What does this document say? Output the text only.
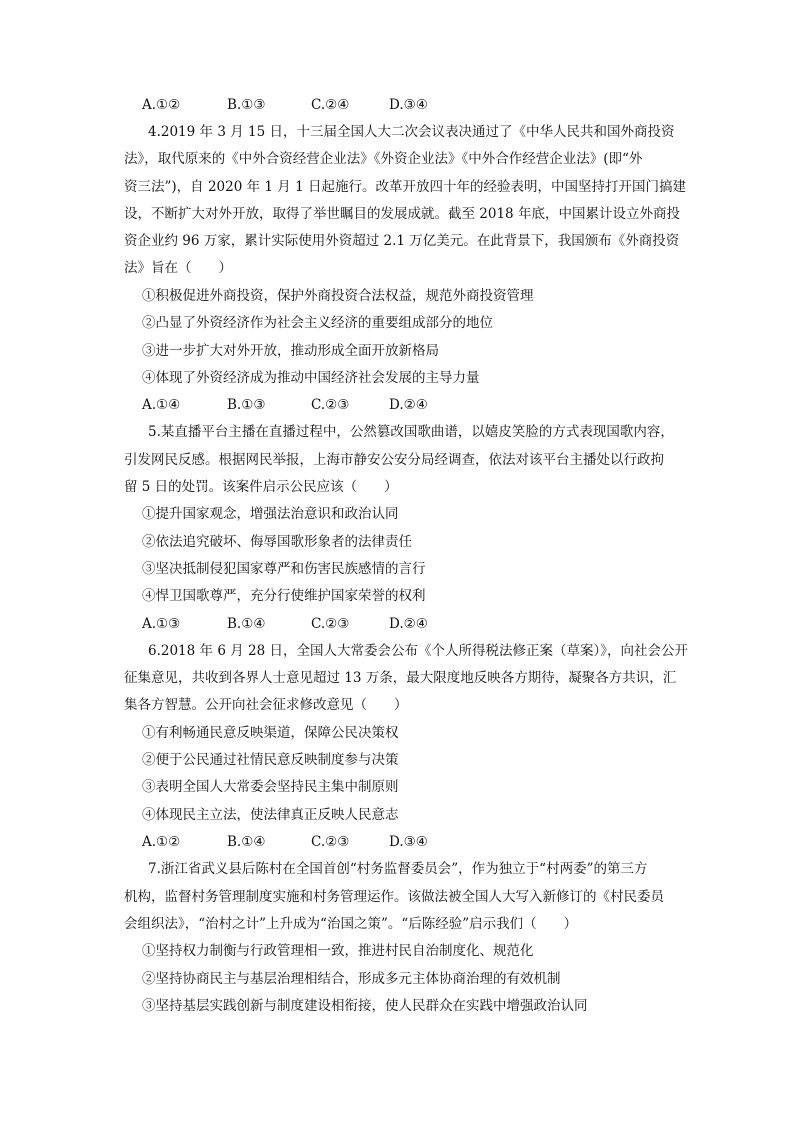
A.①②	B.①③	C.②④	D.③④
4.2019 年 3 月 15 日，十三届全国人大二次会议表决通过了《中华人民共和国外商投资
法》，取代原来的《中外合资经营企业法》《外资企业法》《中外合作经营企业法》(即“外
资三法”)，自 2020 年 1 月 1 日起施行。改革开放四十年的经验表明，中国坚持打开国门搞建
设，不断扩大对外开放，取得了举世瞩目的发展成就。截至 2018 年底，中国累计设立外商投
资企业约 96 万家，累计实际使用外资超过 2.1 万亿美元。在此背景下，我国颁布《外商投资
法》旨在（　　）
①积极促进外商投资，保护外商投资合法权益，规范外商投资管理
②凸显了外资经济作为社会主义经济的重要组成部分的地位
③进一步扩大对外开放，推动形成全面开放新格局
④体现了外资经济成为推动中国经济社会发展的主导力量
A.①④	B.①③	C.②③	D.②④
5.某直播平台主播在直播过程中，公然篡改国歌曲谱，以嬉皮笑脸的方式表现国歌内容，
引发网民反感。根据网民举报，上海市静安公安分局经调查，依法对该平台主播处以行政拘
留 5 日的处罚。该案件启示公民应该（　　）
①提升国家观念，增强法治意识和政治认同
②依法追究破坏、侮辱国歌形象者的法律责任
③坚决抵制侵犯国家尊严和伤害民族感情的言行
④悍卫国歌尊严，充分行使维护国家荣誉的权利
A.①③	B.①④	C.②③	D.②④
6.2018 年 6 月 28 日，全国人大常委会公布《个人所得税法修正案（草案）》，向社会公开
征集意见，共收到各界人士意见超过 13 万条，最大限度地反映各方期待，凝聚各方共识，汇
集各方智慧。公开向社会征求修改意见（　　）
①有利畅通民意反映渠道，保障公民决策权
②便于公民通过社情民意反映制度参与决策
③表明全国人大常委会坚持民主集中制原则
④体现民主立法，使法律真正反映人民意志
A.①②	B.①④	C.②③	D.③④
7.浙江省武义县后陈村在全国首创“村务监督委员会”，作为独立于“村两委”的第三方
机构，监督村务管理制度实施和村务管理运作。该做法被全国人大写入新修订的《村民委员
会组织法》，“治村之计”上升成为“治国之策”。“后陈经验”启示我们（　　）
①坚持权力制衡与行政管理相一致，推进村民自治制度化、规范化
②坚持协商民主与基层治理相结合，形成多元主体协商治理的有效机制
③坚持基层实践创新与制度建设相衔接，使人民群众在实践中增强政治认同
